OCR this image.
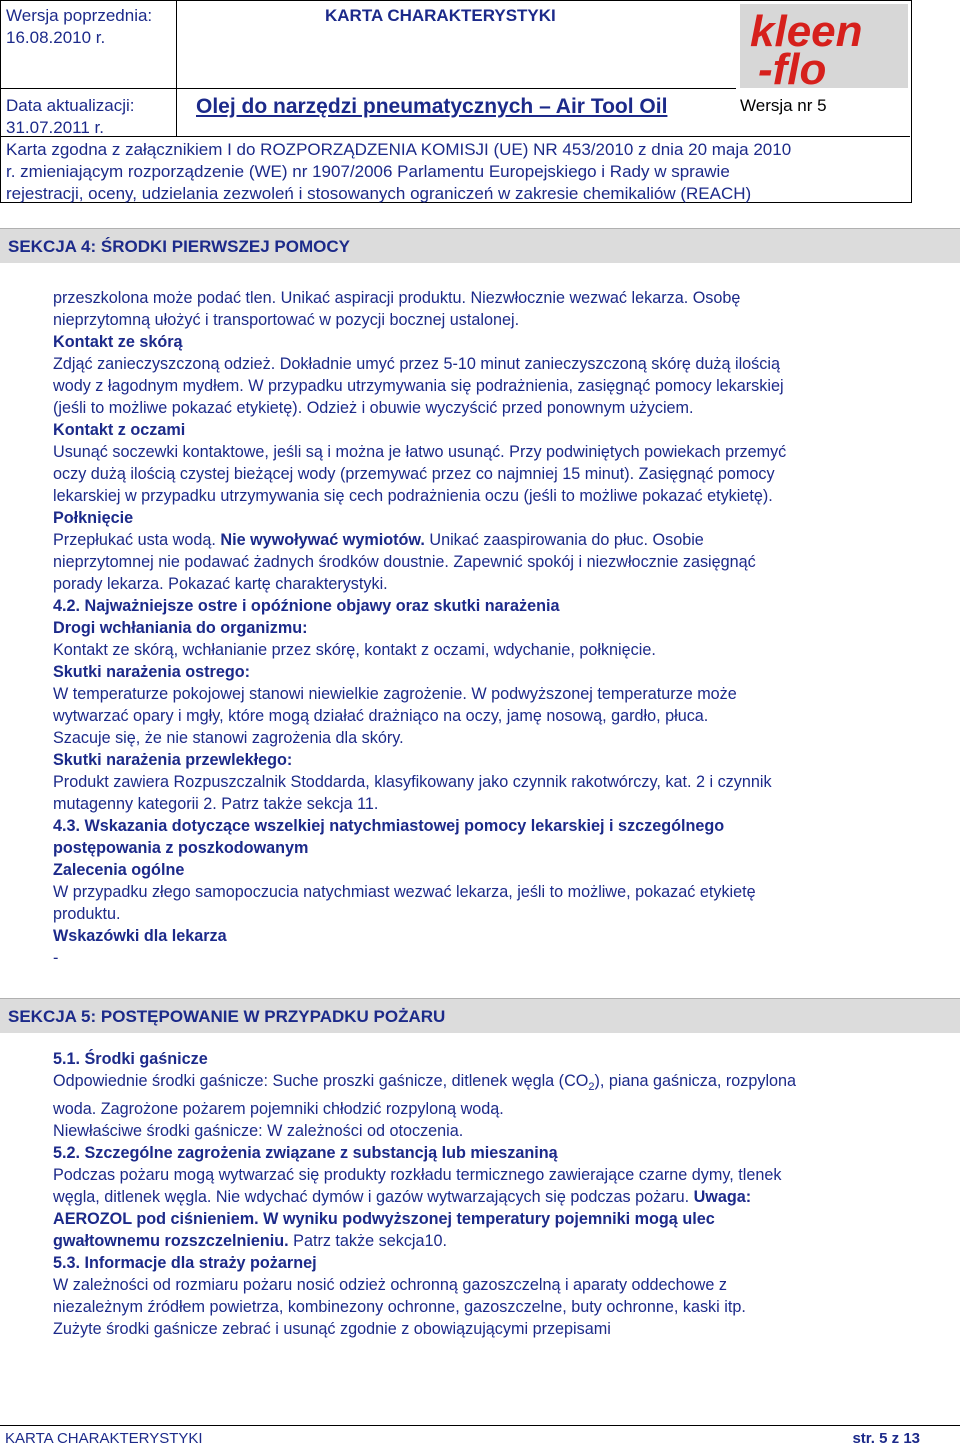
Wersja poprzednia:
16.08.2010 r.
Data aktualizacji:
31.07.2011 r.
KARTA CHARAKTERYSTYKI
Olej do narzędzi pneumatycznych – Air Tool Oil	Wersja nr 5
kleen
-flo
Karta zgodna z załącznikiem I do ROZPORZĄDZENIA KOMISJI (UE) NR 453/2010 z dnia 20 maja 2010
r. zmieniającym rozporządzenie (WE) nr 1907/2006 Parlamentu Europejskiego i Rady w sprawie
rejestracji, oceny, udzielania zezwoleń i stosowanych ograniczeń w zakresie chemikaliów (REACH)
SEKCJA 4: ŚRODKI PIERWSZEJ POMOCY

przeszkolona może podać tlen. Unikać aspiracji produktu. Niezwłocznie wezwać lekarza. Osobę

nieprzytomną ułożyć i transportować w pozycji bocznej ustalonej.

Kontakt ze skórą

Zdjąć zanieczyszczoną odzież. Dokładnie umyć przez 5-10 minut zanieczyszczoną skórę dużą ilością

wody z łagodnym mydłem. W przypadku utrzymywania się podrażnienia, zasięgnąć pomocy lekarskiej

(jeśli to możliwe pokazać etykietę). Odzież i obuwie wyczyścić przed ponownym użyciem.

Kontakt z oczami

Usunąć soczewki kontaktowe, jeśli są i można je łatwo usunąć. Przy podwiniętych powiekach przemyć

oczy dużą ilością czystej bieżącej wody (przemywać przez co najmniej 15 minut). Zasięgnąć pomocy

lekarskiej w przypadku utrzymywania się cech podrażnienia oczu (jeśli to możliwe pokazać etykietę).

Połknięcie

Przepłukać usta wodą. Nie wywoływać wymiotów. Unikać zaaspirowania do płuc. Osobie

nieprzytomnej nie podawać żadnych środków doustnie. Zapewnić spokój i niezwłocznie zasięgnąć

porady lekarza. Pokazać kartę charakterystyki.

4.2. Najważniejsze ostre i opóźnione objawy oraz skutki narażenia

Drogi wchłaniania do organizmu:

Kontakt ze skórą, wchłanianie przez skórę, kontakt z oczami, wdychanie, połknięcie.

Skutki narażenia ostrego:

W temperaturze pokojowej stanowi niewielkie zagrożenie. W podwyższonej temperaturze może

wytwarzać opary i mgły, które mogą działać drażniąco na oczy, jamę nosową, gardło, płuca.

Szacuje się, że nie stanowi zagrożenia dla skóry.

Skutki narażenia przewlekłego:

Produkt zawiera Rozpuszczalnik Stoddarda, klasyfikowany jako czynnik rakotwórczy, kat. 2 i czynnik

mutagenny kategorii 2. Patrz także sekcja 11.

4.3. Wskazania dotyczące wszelkiej natychmiastowej pomocy lekarskiej i szczególnego

postępowania z poszkodowanym

Zalecenia ogólne

W przypadku złego samopoczucia natychmiast wezwać lekarza, jeśli to możliwe, pokazać etykietę

produktu.

Wskazówki dla lekarza

-

SEKCJA 5: POSTĘPOWANIE W PRZYPADKU POŻARU

5.1. Środki gaśnicze

Odpowiednie środki gaśnicze: Suche proszki gaśnicze, ditlenek węgla $(CO_2)$, piana gaśnicza, rozpylona

woda. Zagrożone pożarem pojemniki chłodzić rozpyloną wodą.

Niewłaściwe środki gaśnicze: W zależności od otoczenia.

5.2. Szczególne zagrożenia związane z substancją lub mieszaniną

Podczas pożaru mogą wytwarzać się produkty rozkładu termicznego zawierające czarne dymy, tlenek

węgla, ditlenek węgla. Nie wdychać dymów i gazów wytwarzających się podczas pożaru. Uwaga:

AEROZOL pod ciśnieniem. W wyniku podwyższonej temperatury pojemniki mogą ulec

gwałtownemu rozszczelnieniu. Patrz także sekcja10.

5.3. Informacje dla straży pożarnej

W zależności od rozmiaru pożaru nosić odzież ochronną gazoszczelną i aparaty oddechowe z

niezależnym źródłem powietrza, kombinezony ochronne, gazoszczelne, buty ochronne, kaski itp.

Zużyte środki gaśnicze zebrać i usunąć zgodnie z obowiązującymi przepisami

KARTA CHARAKTERYSTYKI	str. 5 z 13
